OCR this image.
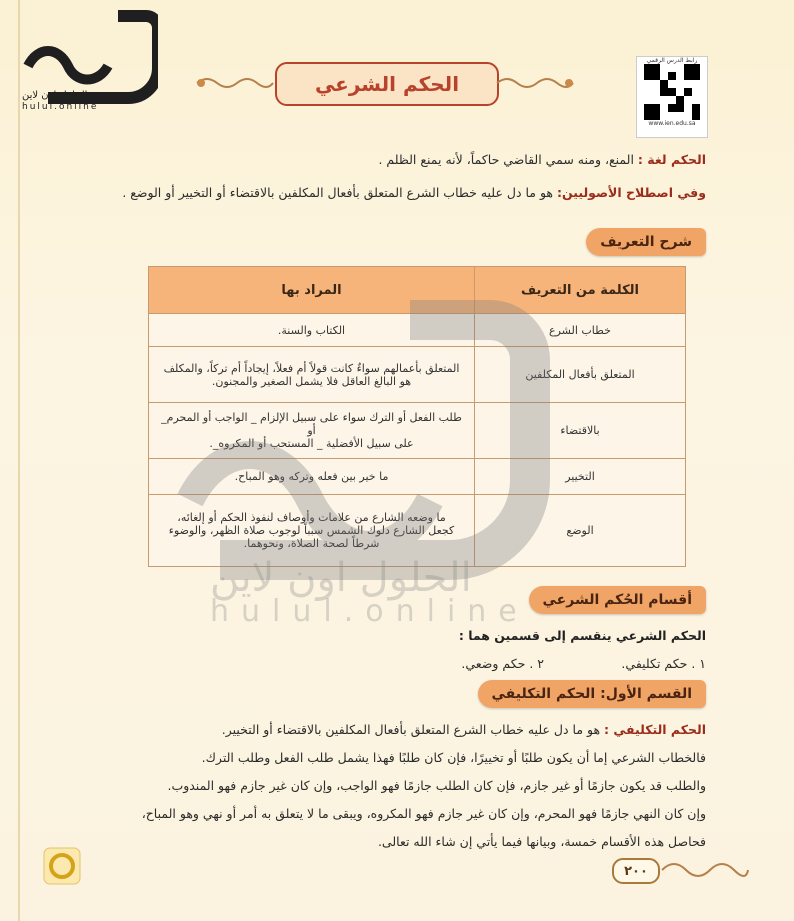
الحلول اون لاين
hulul.online
الحكم الشرعي
رابط الدرس الرقمي
www.ien.edu.sa
الحكم لغة : المنع، ومنه سمي القاضي حاكماً، لأنه يمنع الظلم .
وفي اصطلاح الأصوليين: هو ما دل عليه خطاب الشرع المتعلق بأفعال المكلفين بالاقتضاء أو التخيير أو الوضع .
شرح التعريف
الكلمة من التعريف	المراد بها
خطاب الشرع	الكتاب والسنة.

المتعلق بأفعال المكلفين	المتعلق بأعمالهم سواءٌ كانت قولاً أم فعلاً، إيجاداً أم تركاً، والمكلف
هو البالغ العاقل فلا يشمل الصغير والمجنون.

بالاقتضاء	طلب الفعل أو الترك سواء على سبيل الإلزام _ الواجب أو المحرم_ أو
على سبيل الأفضلية _ المستحب أو المكروه_.

التخيير	ما خير بين فعله وتركه وهو المباح.

الوضع	ما وضعه الشارع من علامات وأوصاف لنفوذ الحكم أو إلغائه،
كجعل الشارع دلوك الشمس سبباً لوجوب صلاة الظهر، والوضوء
شرطاً لصحة الصلاة، ونحوهما.
أقسام الحُكم الشرعي
الحكم الشرعي ينقسم إلى قسمين هما :
١ . حكم تكليفي.
٢ . حكم وضعي.
القسم الأول: الحكم التكليفي
الحكم التكليفي : هو ما دل عليه خطاب الشرع المتعلق بأفعال المكلفين بالاقتضاء أو التخيير.
فالخطاب الشرعي إما أن يكون طلبًا أو تخييرًا، فإن كان طلبًا فهذا يشمل طلب الفعل وطلب الترك.
والطلب قد يكون جازمًا أو غير جازم، فإن كان الطلب جازمًا فهو الواجب، وإن كان غير جازم فهو المندوب.
وإن كان النهي جازمًا فهو المحرم، وإن كان غير جازم فهو المكروه، ويبقى ما لا يتعلق به أمر أو نهي وهو المباح،
فحاصل هذه الأقسام خمسة، وبيانها فيما يأتي إن شاء الله تعالى.
الحلول اون لاين
hulul.online
٢٠٠
